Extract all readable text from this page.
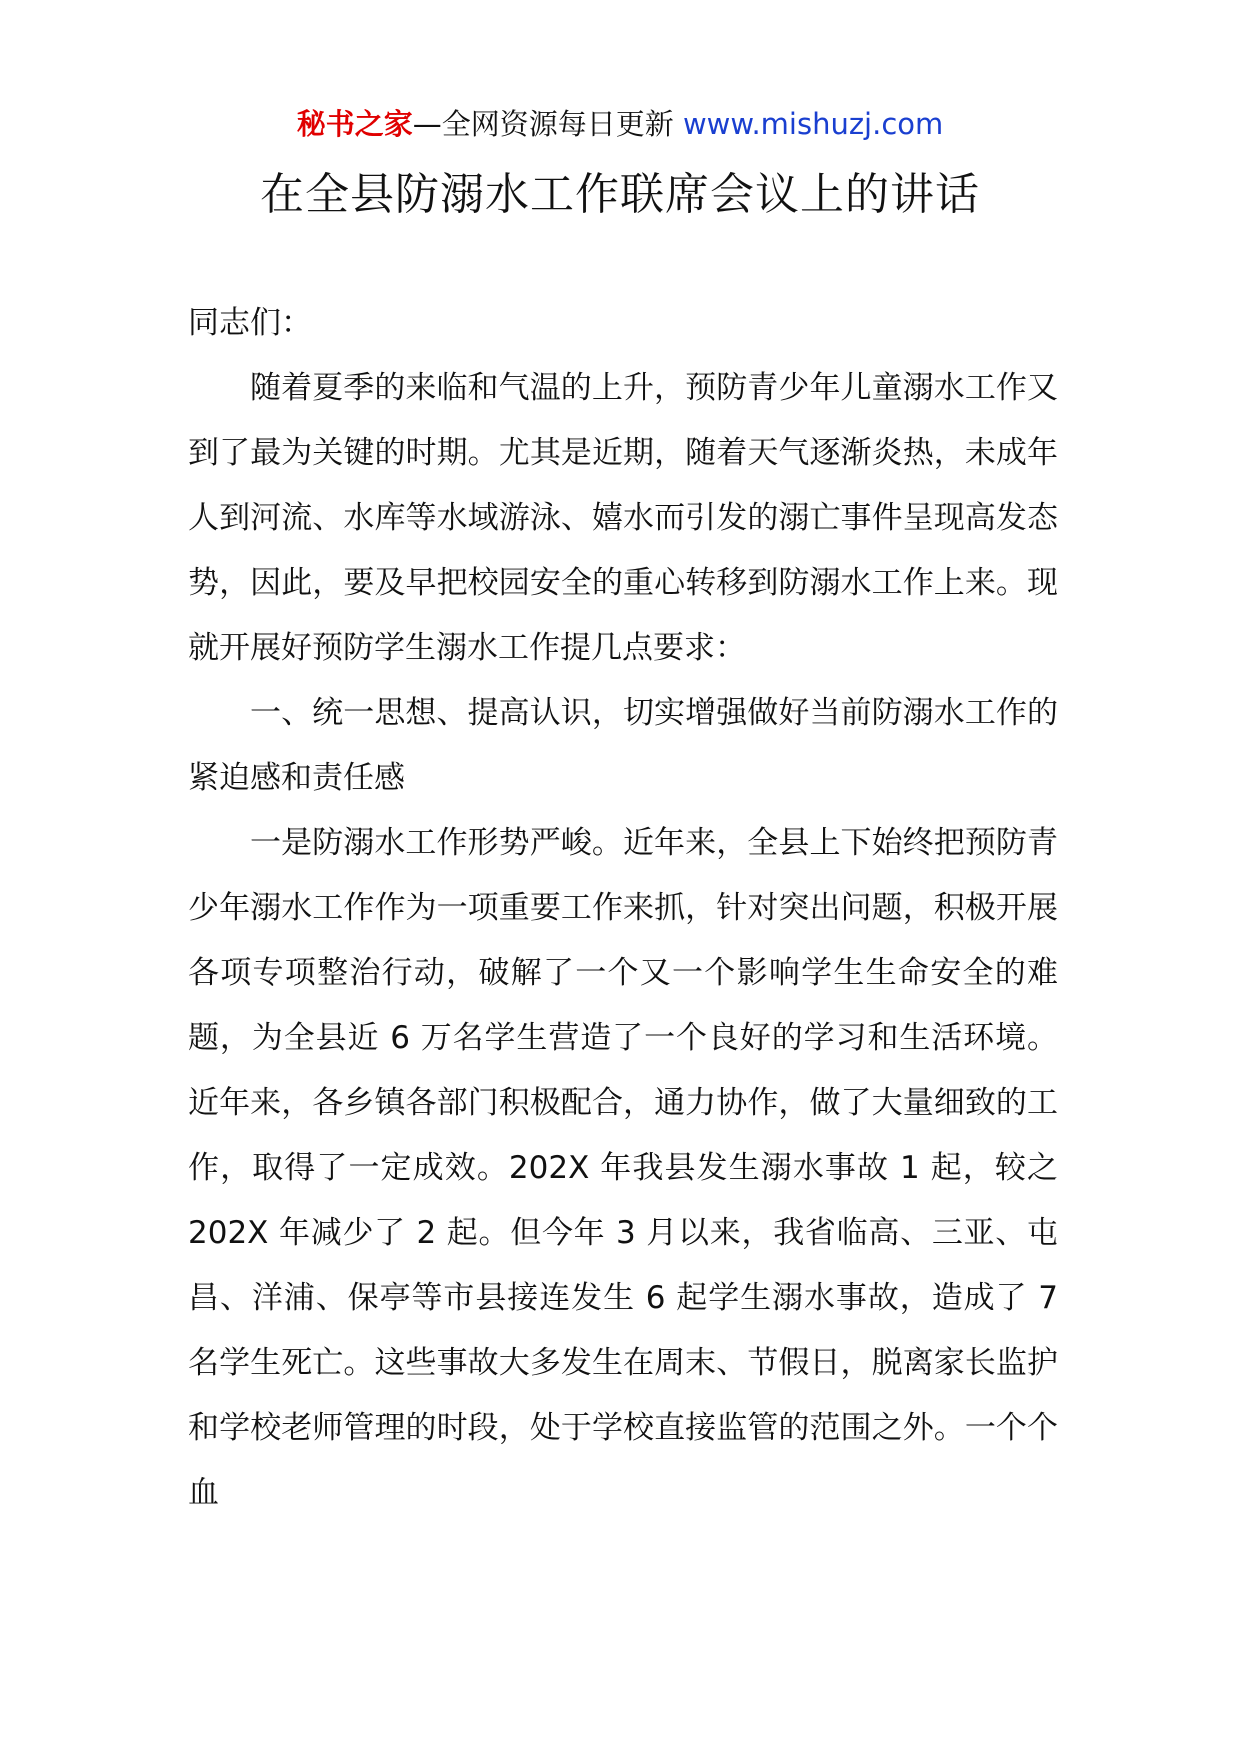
秘书之家—全网资源每日更新 www.mishuzj.com
在全县防溺水工作联席会议上的讲话

同志们：

随着夏季的来临和气温的上升，预防青少年儿童溺水工作又到了最为关键的时期。尤其是近期，随着天气逐渐炎热，未成年人到河流、水库等水域游泳、嬉水而引发的溺亡事件呈现高发态势，因此，要及早把校园安全的重心转移到防溺水工作上来。现就开展好预防学生溺水工作提几点要求：

一、统一思想、提高认识，切实增强做好当前防溺水工作的紧迫感和责任感

一是防溺水工作形势严峻。近年来，全县上下始终把预防青少年溺水工作作为一项重要工作来抓，针对突出问题，积极开展各项专项整治行动，破解了一个又一个影响学生生命安全的难题，为全县近 6 万名学生营造了一个良好的学习和生活环境。近年来，各乡镇各部门积极配合，通力协作，做了大量细致的工作，取得了一定成效。202X 年我县发生溺水事故 1 起，较之 202X 年减少了 2 起。但今年 3 月以来，我省临高、三亚、屯昌、洋浦、保亭等市县接连发生 6 起学生溺水事故，造成了 7 名学生死亡。这些事故大多发生在周末、节假日，脱离家长监护和学校老师管理的时段，处于学校直接监管的范围之外。一个个血
